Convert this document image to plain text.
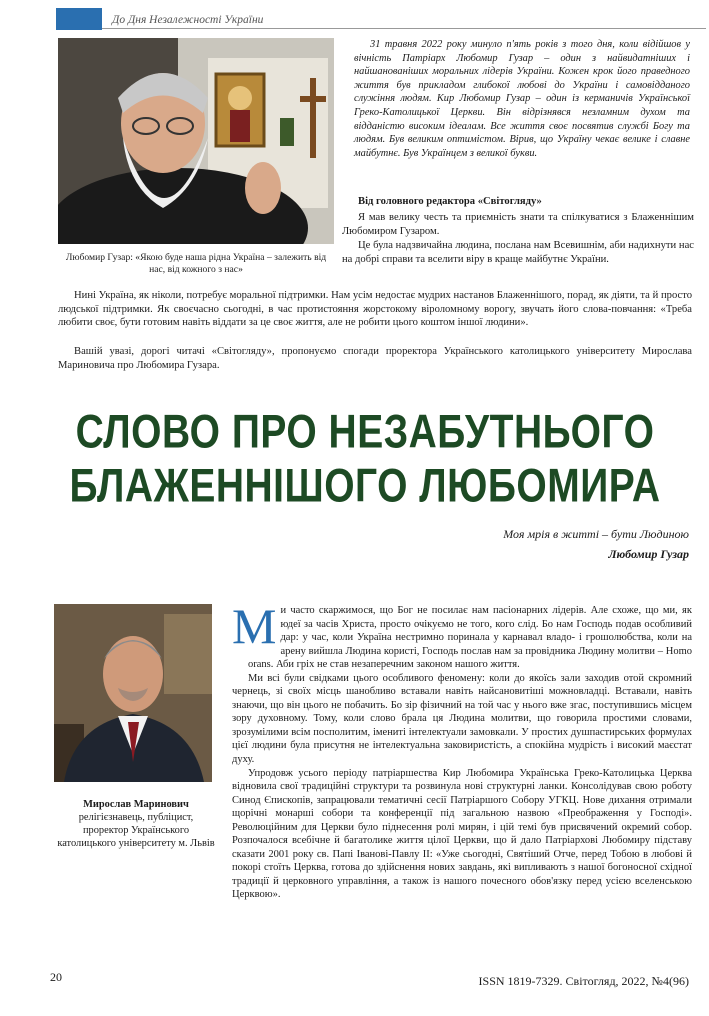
До Дня Незалежності України
Любомир Гузар: «Якою буде наша рідна Україна – залежить від нас, від кожного з нас»
31 травня 2022 року минуло п'ять років з того дня, коли відійшов у вічність Патріарх Любомир Гузар – один з найвидатніших і найшанованіших моральних лідерів України. Кожен крок його праведного життя був прикладом глибокої любові до України і самовідданого служіння людям. Кир Любомир Гузар – один із керманичів Української Греко-Католицької Церкви. Він відрізнявся незламним духом та відданістю високим ідеалам. Все життя своє посвятив службі Богу та людям. Був великим оптимістом. Вірив, що Україну чекає велике і славне майбутнє. Був Українцем з великої букви.
Від головного редактора «Світогляду»
Я мав велику честь та приємність знати та спілкуватися з Блаженнішим Любомиром Гузаром.
Це була надзвичайна людина, послана нам Всевишнім, аби надихнути нас на добрі справи та вселити віру в краще майбутнє України.
Нині Україна, як ніколи, потребує моральної підтримки. Нам усім недостає мудрих настанов Блаженнішого, порад, як діяти, та й просто людської підтримки. Як своєчасно сьогодні, в час протистояння жорстокому віроломному ворогу, звучать його слова-повчання: «Треба любити своє, бути готовим навіть віддати за це своє життя, але не робити цього коштом іншої людини».
Вашій увазі, дорогі читачі «Світогляду», пропонуємо спогади проректора Українського католицького університету Мирослава Мариновича про Любомира Гузара.
СЛОВО ПРО НЕЗАБУТНЬОГО
БЛАЖЕННІШОГО ЛЮБОМИРА
Моя мрія в житті – бути Людиною
Любомир Гузар
Мирослав Маринович
релігієзнавець, публіцист, проректор Українського католицького університету м. Львів

Ми часто скаржимося, що Бог не посилає нам пасіонарних лідерів. Але схоже, що ми, як юдеї за часів Христа, просто очікуємо не того, кого слід. Бо нам Господь подав особливий дар: у час, коли Україна нестримно поринала у карнавал владо- і грошолюбства, коли на арену вийшла Людина користі, Господь послав нам за провідника Людину молитви – Homo orans. Аби гріх не став незаперечним законом нашого життя.

Ми всі були свідками цього особливого феномену: коли до якоїсь зали заходив отой скромний чернець, зі своїх місць шанобливо вставали навіть найсановитіші можновладці. Вставали, навіть знаючи, що він цього не побачить. Бо зір фізичний на той час у нього вже згас, поступившись місцем зору духовному. Тому, коли слово брала ця Людина молитви, що говорила простими словами, зрозумілими всім посполитим, імениті інтелектуали замовкали. У простих душпастирських формулах цієї людини була присутня не інтелектуальна заковиристість, а спокійна мудрість і високий маєстат духу.

Упродовж усього періоду патріаршества Кир Любомира Українська Греко-Католицька Церква відновила свої традиційні структури та розвинула нові структурні ланки. Консолідував свою роботу Синод Єпископів, запрацювали тематичні сесії Патріаршого Собору УГКЦ. Нове дихання отримали щорічні монарші собори та конференції під загальною назвою «Преображення у Господі». Революційним для Церкви було піднесення ролі мирян, і цій темі був присвячений окремий собор. Розпочалося всебічне й багатолике життя цілої Церкви, що й дало Патріархові Любомиру підставу сказати 2001 року св. Папі Іванові-Павлу II: «Уже сьогодні, Святіший Отче, перед Тобою в любові й покорі стоїть Церква, готова до здійснення нових завдань, які випливають з нашої богоносної східної традиції й церковного управління, а також із нашого почесного обов'язку перед усією вселенською Церквою».

20	ISSN 1819-7329. Світогляд, 2022, №4(96)
